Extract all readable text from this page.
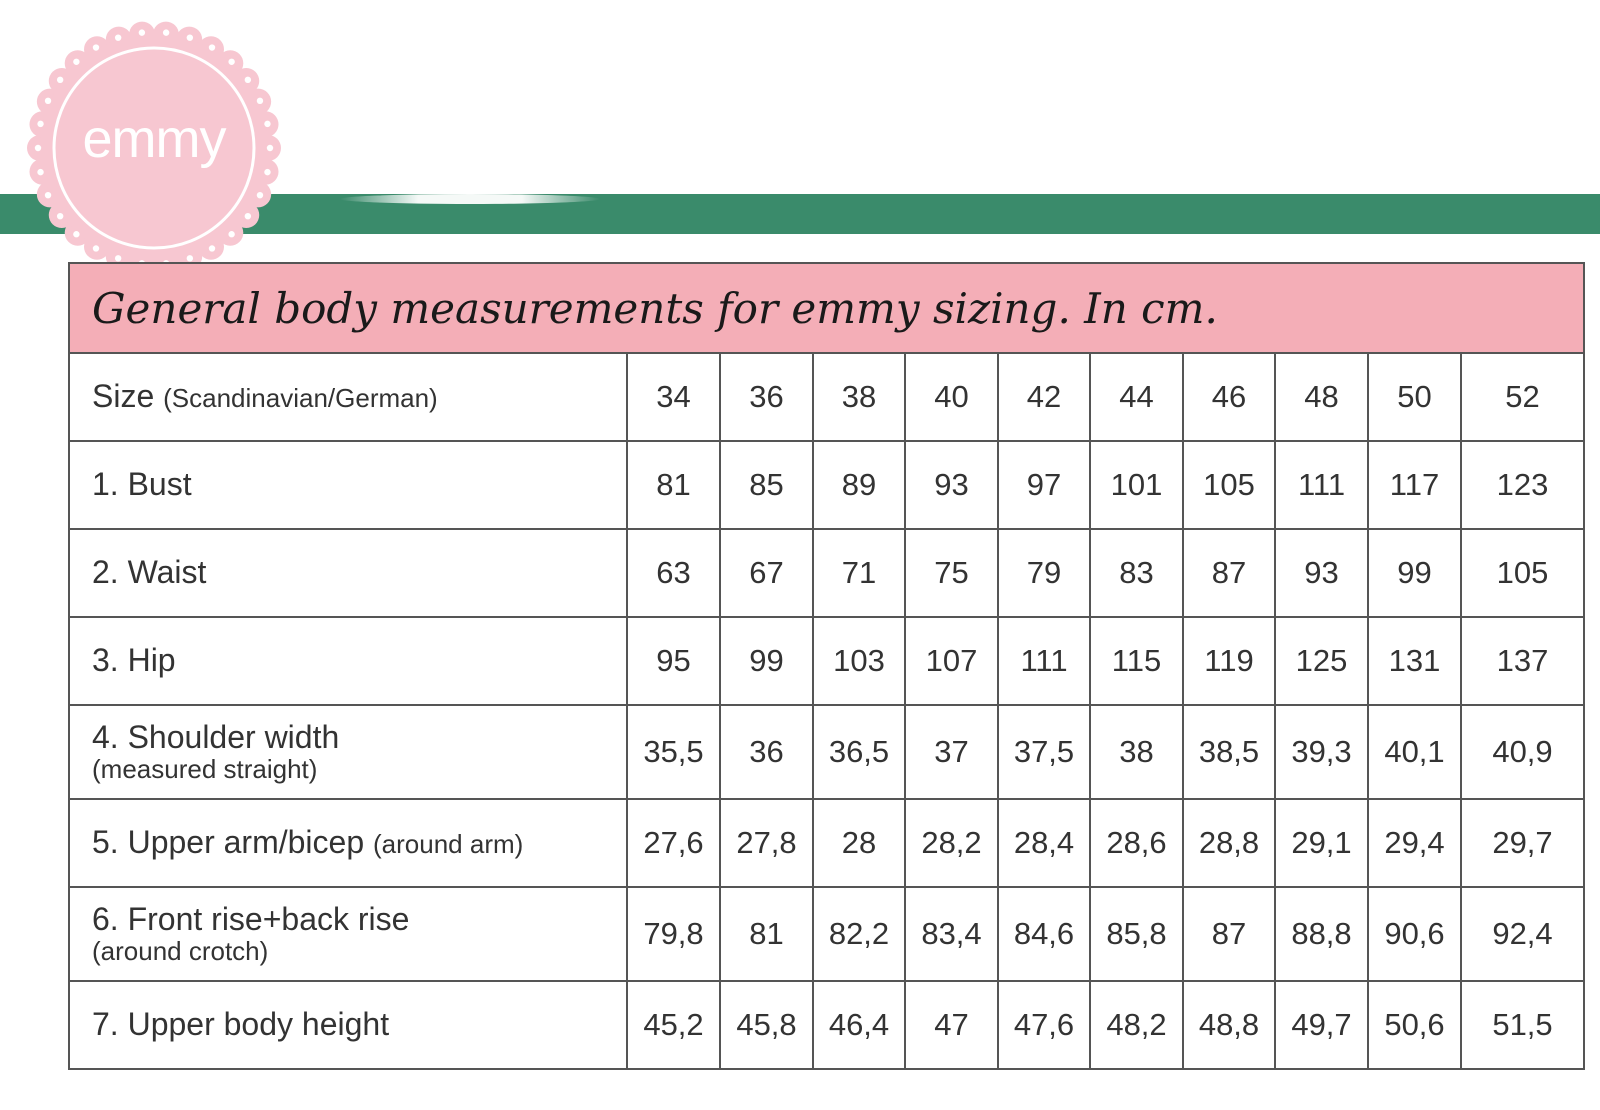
emmy
General body measurements for emmy sizing. In cm.										
Size (Scandinavian/German)	34	36	38	40	42	44	46	48	50	52
1. Bust	81	85	89	93	97	101	105	111	117	123
2. Waist	63	67	71	75	79	83	87	93	99	105
3. Hip	95	99	103	107	111	115	119	125	131	137
4. Shoulder width
(measured straight)	35,5	36	36,5	37	37,5	38	38,5	39,3	40,1	40,9
5. Upper arm/bicep (around arm)	27,6	27,8	28	28,2	28,4	28,6	28,8	29,1	29,4	29,7
6. Front rise+back rise
(around crotch)	79,8	81	82,2	83,4	84,6	85,8	87	88,8	90,6	92,4
7. Upper body height	45,2	45,8	46,4	47	47,6	48,2	48,8	49,7	50,6	51,5
